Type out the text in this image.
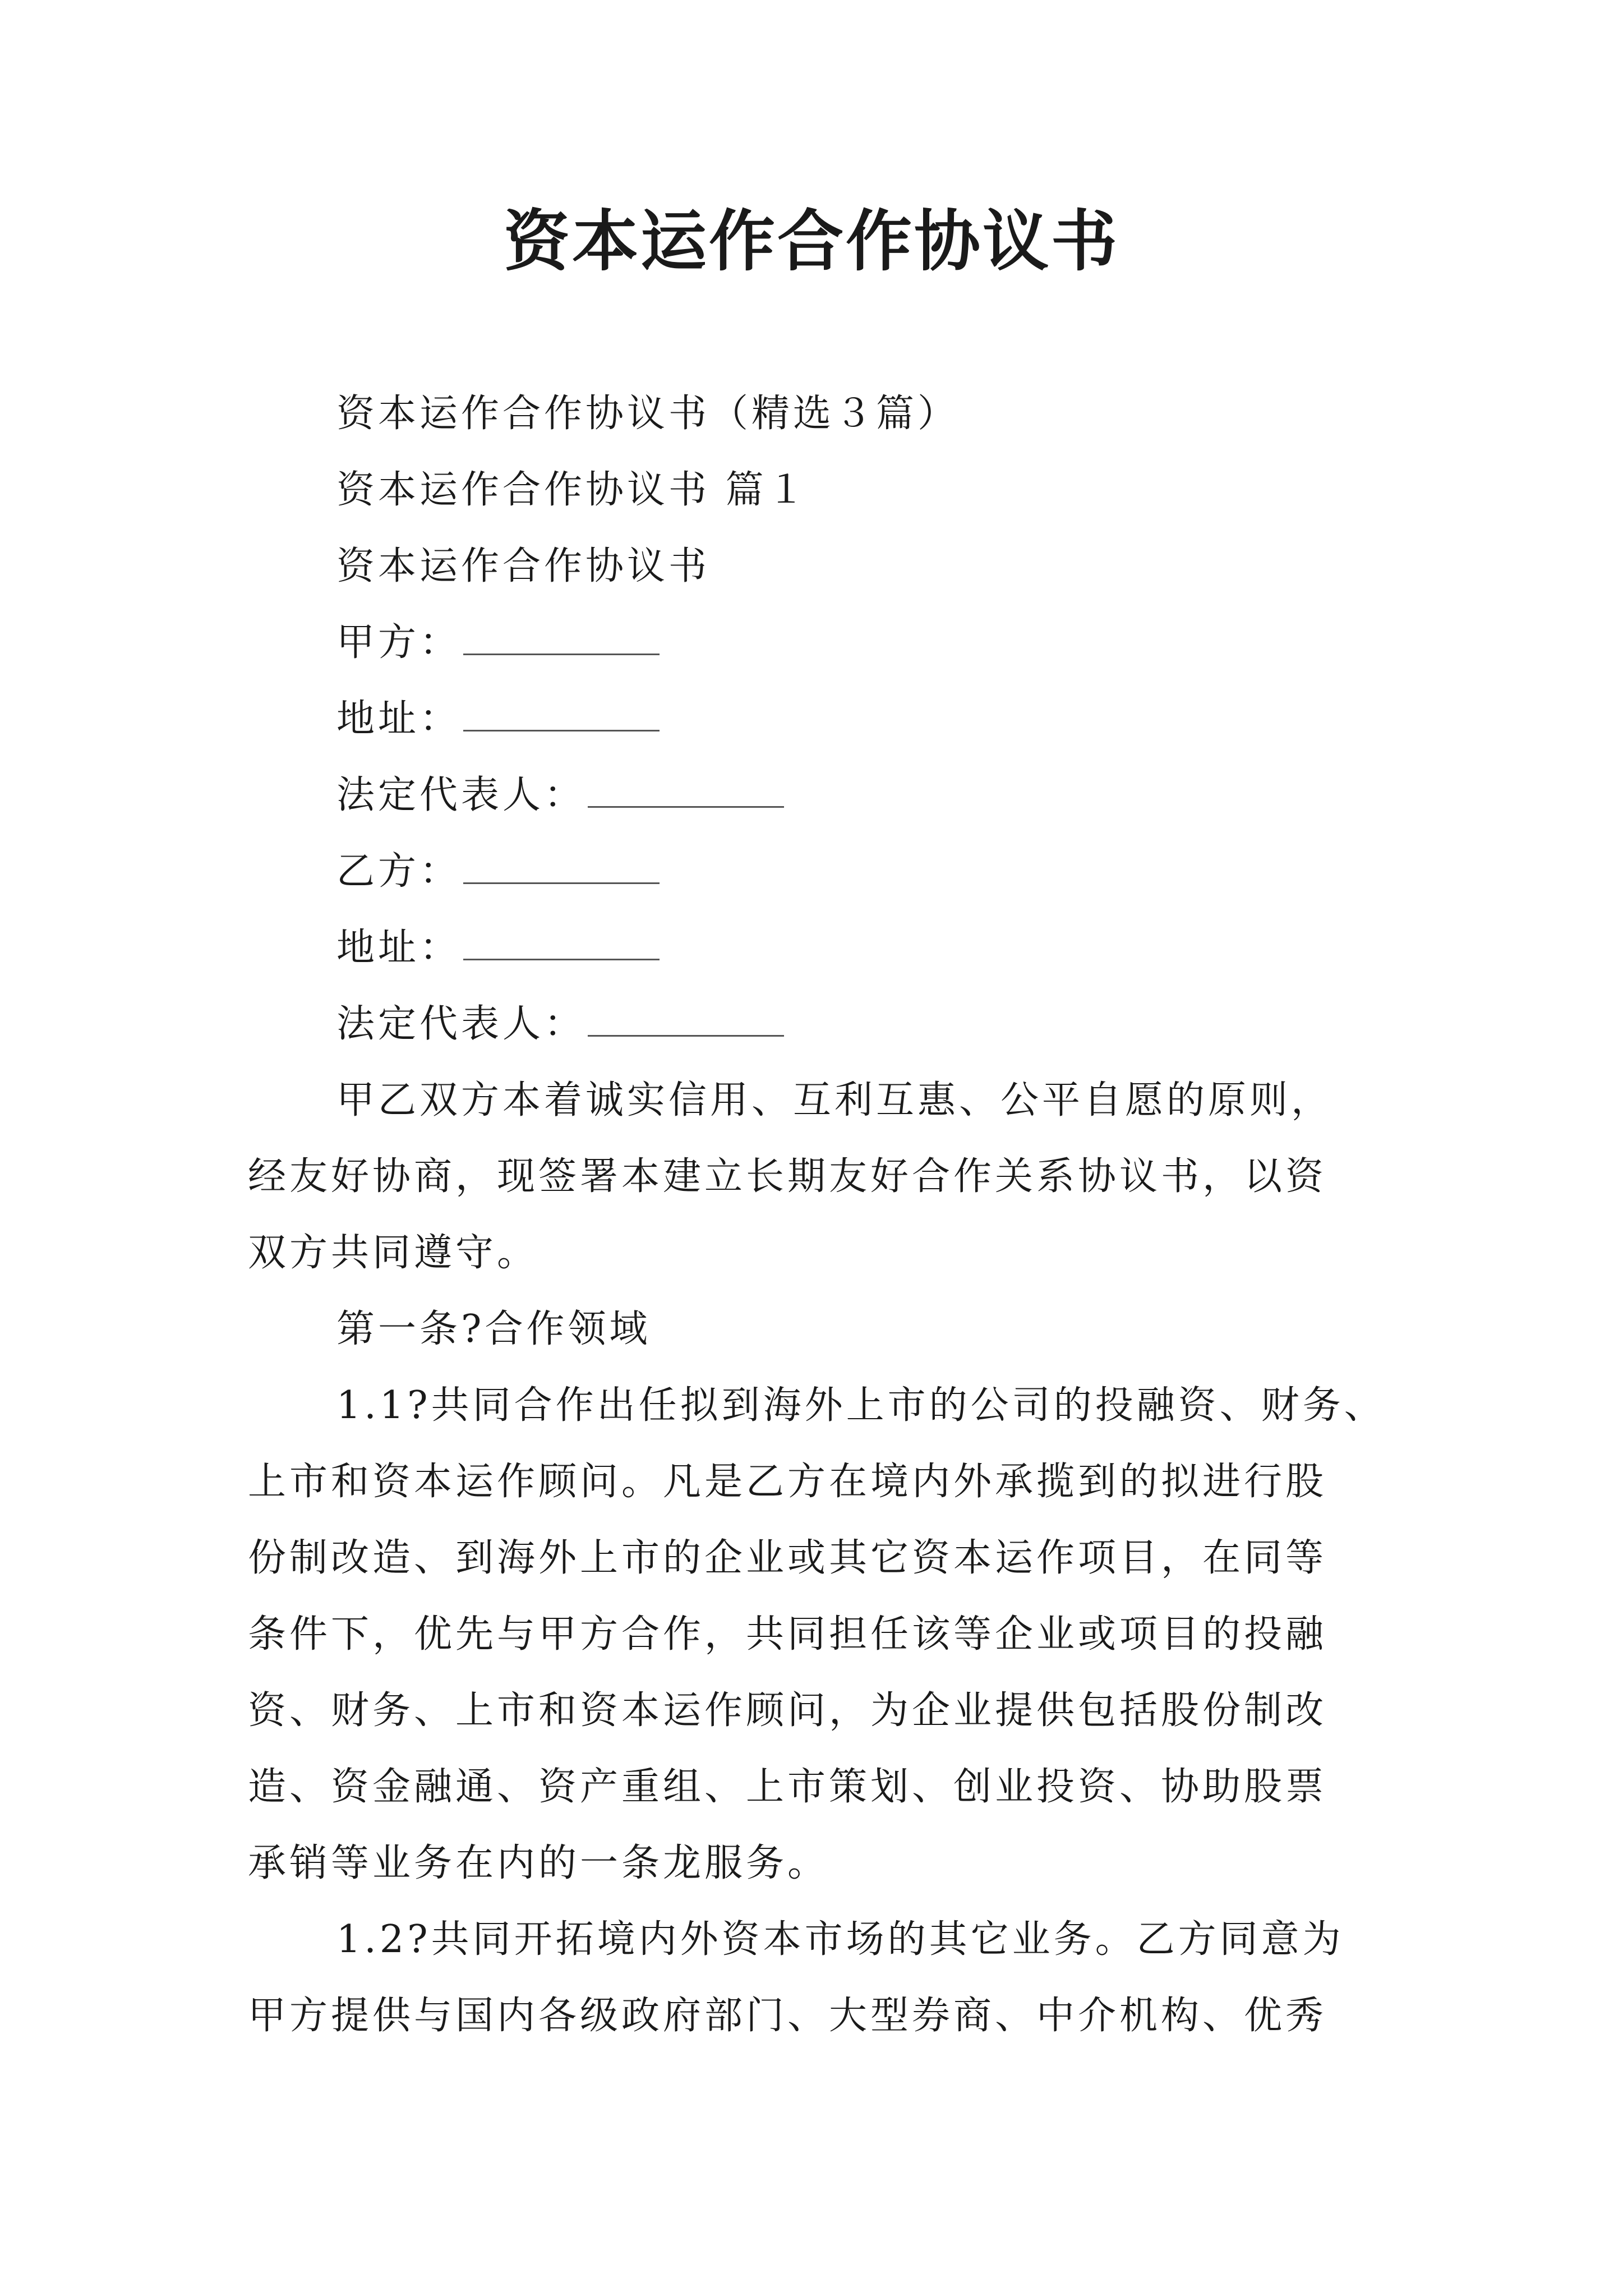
资本运作合作协议书
资本运作合作协议书（精选３篇）
资本运作合作协议书 篇１
资本运作合作协议书
甲方：
地址：
法定代表人：
乙方：
地址：
法定代表人：
甲乙双方本着诚实信用、互利互惠、公平自愿的原则，
经友好协商，现签署本建立长期友好合作关系协议书，以资
双方共同遵守。
第一条?合作领域
1.1?共同合作出任拟到海外上市的公司的投融资、财务、
上市和资本运作顾问。凡是乙方在境内外承揽到的拟进行股
份制改造、到海外上市的企业或其它资本运作项目，在同等
条件下，优先与甲方合作，共同担任该等企业或项目的投融
资、财务、上市和资本运作顾问，为企业提供包括股份制改
造、资金融通、资产重组、上市策划、创业投资、协助股票
承销等业务在内的一条龙服务。
1.2?共同开拓境内外资本市场的其它业务。乙方同意为
甲方提供与国内各级政府部门、大型券商、中介机构、优秀
